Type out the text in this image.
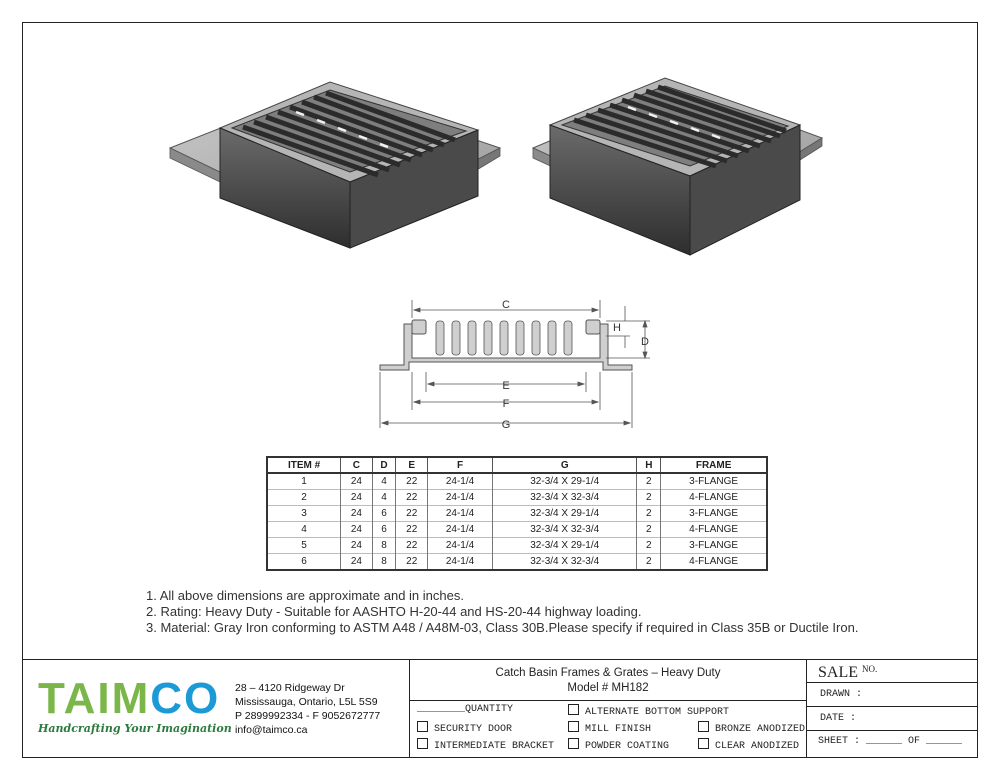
C
H
D
E
F
G
ITEM #	C	D	E	F	G	H	FRAME
1	24	4	22	24-1/4	32-3/4 X 29-1/4	2	3-FLANGE
2	24	4	22	24-1/4	32-3/4 X 32-3/4	2	4-FLANGE
3	24	6	22	24-1/4	32-3/4 X 29-1/4	2	3-FLANGE
4	24	6	22	24-1/4	32-3/4 X 32-3/4	2	4-FLANGE
5	24	8	22	24-1/4	32-3/4 X 29-1/4	2	3-FLANGE
6	24	8	22	24-1/4	32-3/4 X 32-3/4	2	4-FLANGE
1. All above dimensions are approximate and in inches.
2. Rating: Heavy Duty - Suitable for AASHTO H-20-44 and HS-20-44 highway loading.
3. Material: Gray Iron conforming to ASTM A48 / A48M-03, Class 30B.Please specify if required in Class 35B or Ductile Iron.
TAIMCO
Handcrafting Your Imagination
28 – 4120 Ridgeway Dr
Mississauga, Ontario, L5L 5S9
P 2899992334 - F 9052672777
info@taimco.ca
Catch Basin Frames & Grates – Heavy Duty
Model # MH182
________QUANTITY
SECURITY DOOR
INTERMEDIATE BRACKET
ALTERNATE BOTTOM SUPPORT
MILL FINISH
POWDER COATING
BRONZE ANODIZED
CLEAR ANODIZED
SALE $^{NO.}$
DRAWN :
DATE :
SHEET : ______ OF ______
